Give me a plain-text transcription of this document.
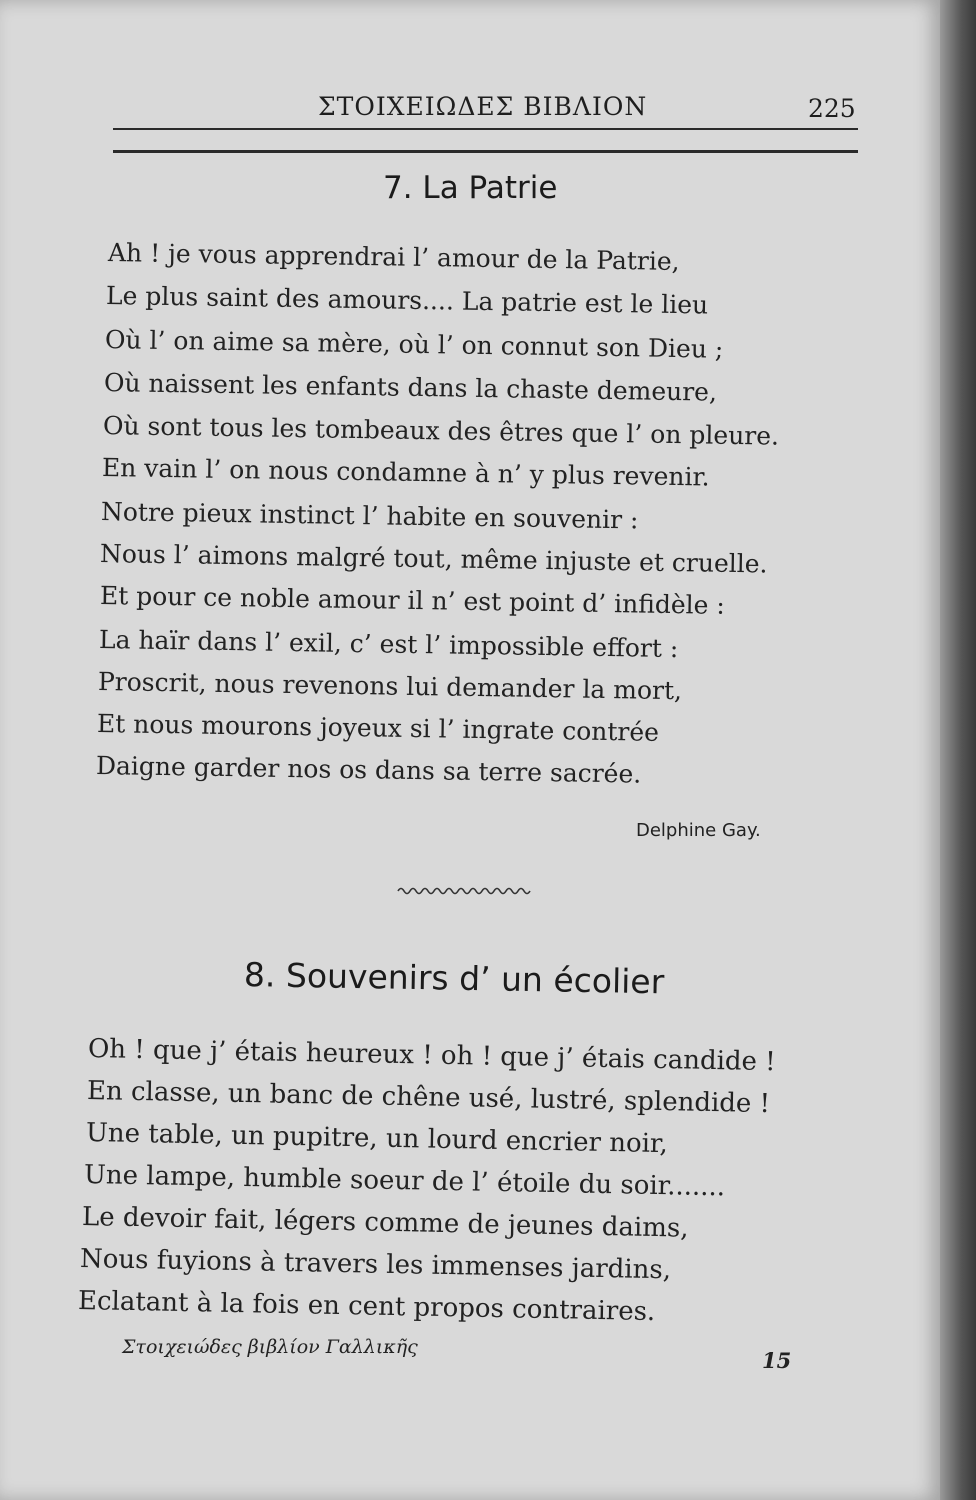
ΣΤΟΙΧΕΙΩΔΕΣ ΒΙΒΛΙΟΝ	225
7. La Patrie
Ah ! je vous apprendrai l’ amour de la Patrie,
Le plus saint des amours.... La patrie est le lieu
Où l’ on aime sa mère, où l’ on connut son Dieu ;
Où naissent les enfants dans la chaste demeure,
Où sont tous les tombeaux des êtres que l’ on pleure.
En vain l’ on nous condamne à n’ y plus revenir.
Notre pieux instinct l’ habite en souvenir :
Nous l’ aimons malgré tout, même injuste et cruelle.
Et pour ce noble amour il n’ est point d’ infidèle :
La haïr dans l’ exil, c’ est l’ impossible effort :
Proscrit, nous revenons lui demander la mort,
Et nous mourons joyeux si l’ ingrate contrée
Daigne garder nos os dans sa terre sacrée.
Delphine Gay.
8. Souvenirs d’ un écolier
Oh ! que j’ étais heureux ! oh ! que j’ étais candide !
En classe, un banc de chêne usé, lustré, splendide !
Une table, un pupitre, un lourd encrier noir,
Une lampe, humble soeur de l’ étoile du soir.......
Le devoir fait, légers comme de jeunes daims,
Nous fuyions à travers les immenses jardins,
Eclatant à la fois en cent propos contraires.
Στοιχειώδες βιβλίον Γαλλικῆς
15
